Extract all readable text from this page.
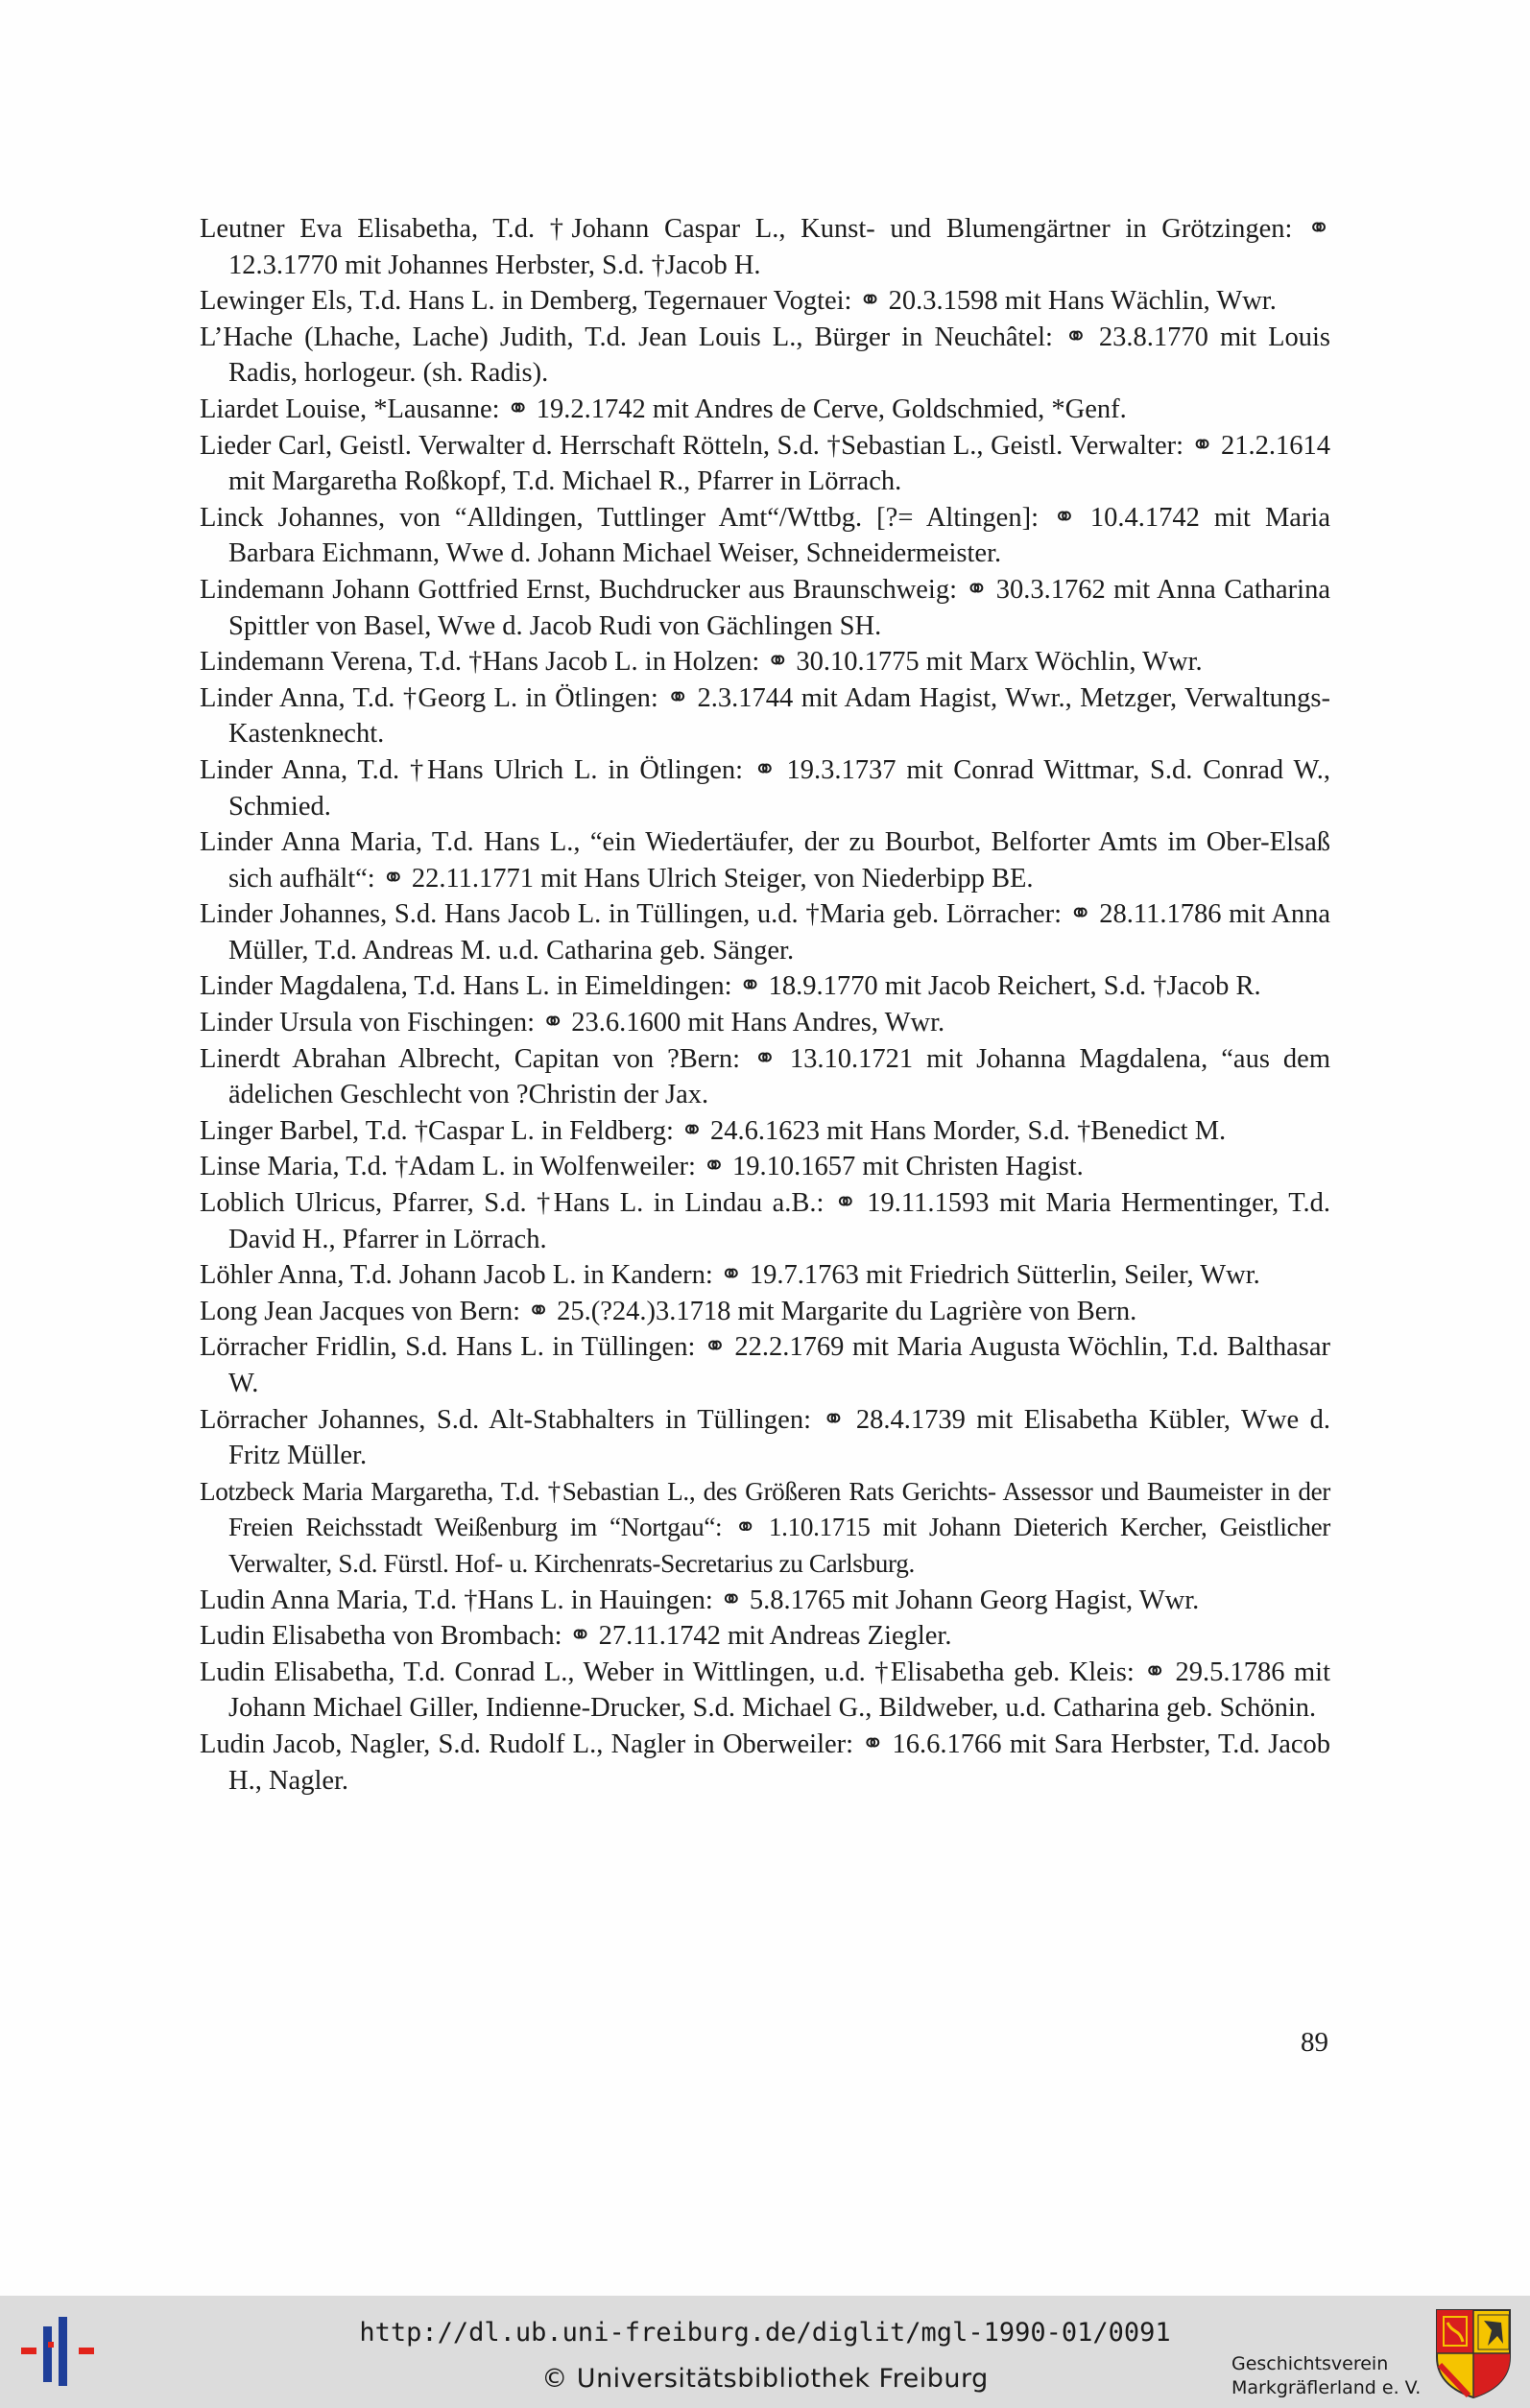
Leutner Eva Elisabetha, T.d. †Johann Caspar L., Kunst- und Blumengärtner in Grötzingen: ⚭ 12.3.1770 mit Johannes Herbster, S.d. †Jacob H.

Lewinger Els, T.d. Hans L. in Demberg, Tegernauer Vogtei: ⚭ 20.3.1598 mit Hans Wächlin, Wwr.

L’Hache (Lhache, Lache) Judith, T.d. Jean Louis L., Bürger in Neuchâtel: ⚭ 23.8.1770 mit Louis Radis, horlogeur. (sh. Radis).

Liardet Louise, *Lausanne: ⚭ 19.2.1742 mit Andres de Cerve, Goldschmied, *Genf.

Lieder Carl, Geistl. Verwalter d. Herrschaft Rötteln, S.d. †Sebastian L., Geistl. Verwalter: ⚭ 21.2.1614 mit Margaretha Roßkopf, T.d. Michael R., Pfarrer in Lörrach.

Linck Johannes, von “Alldingen, Tuttlinger Amt“/Wttbg. [?= Altingen]: ⚭ 10.4.1742 mit Maria Barbara Eichmann, Wwe d. Johann Michael Weiser, Schneidermeister.

Lindemann Johann Gottfried Ernst, Buchdrucker aus Braunschweig: ⚭ 30.3.1762 mit Anna Catharina Spittler von Basel, Wwe d. Jacob Rudi von Gächlingen SH.

Lindemann Verena, T.d. †Hans Jacob L. in Holzen: ⚭ 30.10.1775 mit Marx Wöchlin, Wwr.

Linder Anna, T.d. †Georg L. in Ötlingen: ⚭ 2.3.1744 mit Adam Hagist, Wwr., Metzger, Verwaltungs-Kastenknecht.

Linder Anna, T.d. †Hans Ulrich L. in Ötlingen: ⚭ 19.3.1737 mit Conrad Wittmar, S.d. Conrad W., Schmied.

Linder Anna Maria, T.d. Hans L., “ein Wiedertäufer, der zu Bourbot, Belforter Amts im Ober-Elsaß sich aufhält“: ⚭ 22.11.1771 mit Hans Ulrich Steiger, von Niederbipp BE.

Linder Johannes, S.d. Hans Jacob L. in Tüllingen, u.d. †Maria geb. Lörracher: ⚭ 28.11.1786 mit Anna Müller, T.d. Andreas M. u.d. Catharina geb. Sänger.

Linder Magdalena, T.d. Hans L. in Eimeldingen: ⚭ 18.9.1770 mit Jacob Reichert, S.d. †Jacob R.

Linder Ursula von Fischingen: ⚭ 23.6.1600 mit Hans Andres, Wwr.

Linerdt Abrahan Albrecht, Capitan von ?Bern: ⚭ 13.10.1721 mit Johanna Magdalena, “aus dem ädelichen Geschlecht von ?Christin der Jax.

Linger Barbel, T.d. †Caspar L. in Feldberg: ⚭ 24.6.1623 mit Hans Morder, S.d. †Benedict M.

Linse Maria, T.d. †Adam L. in Wolfenweiler: ⚭ 19.10.1657 mit Christen Hagist.

Loblich Ulricus, Pfarrer, S.d. †Hans L. in Lindau a.B.: ⚭ 19.11.1593 mit Maria Hermentinger, T.d. David H., Pfarrer in Lörrach.

Löhler Anna, T.d. Johann Jacob L. in Kandern: ⚭ 19.7.1763 mit Friedrich Sütterlin, Seiler, Wwr.

Long Jean Jacques von Bern: ⚭ 25.(?24.)3.1718 mit Margarite du Lagrière von Bern.

Lörracher Fridlin, S.d. Hans L. in Tüllingen: ⚭ 22.2.1769 mit Maria Augusta Wöchlin, T.d. Balthasar W.

Lörracher Johannes, S.d. Alt-Stabhalters in Tüllingen: ⚭ 28.4.1739 mit Elisabetha Kübler, Wwe d. Fritz Müller.

Lotzbeck Maria Margaretha, T.d. †Sebastian L., des Größeren Rats Gerichts- Assessor und Baumeister in der Freien Reichsstadt Weißenburg im “Nortgau“: ⚭ 1.10.1715 mit Johann Dieterich Kercher, Geistlicher Verwalter, S.d. Fürstl. Hof- u. Kirchenrats-Secretarius zu Carlsburg.

Ludin Anna Maria, T.d. †Hans L. in Hauingen: ⚭ 5.8.1765 mit Johann Georg Hagist, Wwr.

Ludin Elisabetha von Brombach: ⚭ 27.11.1742 mit Andreas Ziegler.

Ludin Elisabetha, T.d. Conrad L., Weber in Wittlingen, u.d. †Elisabetha geb. Kleis: ⚭ 29.5.1786 mit Johann Michael Giller, Indienne-Drucker, S.d. Michael G., Bildweber, u.d. Catharina geb. Schönin.

Ludin Jacob, Nagler, S.d. Rudolf L., Nagler in Oberweiler: ⚭ 16.6.1766 mit Sara Herbster, T.d. Jacob H., Nagler.

89
http://dl.ub.uni-freiburg.de/diglit/mgl-1990-01/0091
© Universitätsbibliothek Freiburg	Geschichtsverein
Markgräflerland e. V.
